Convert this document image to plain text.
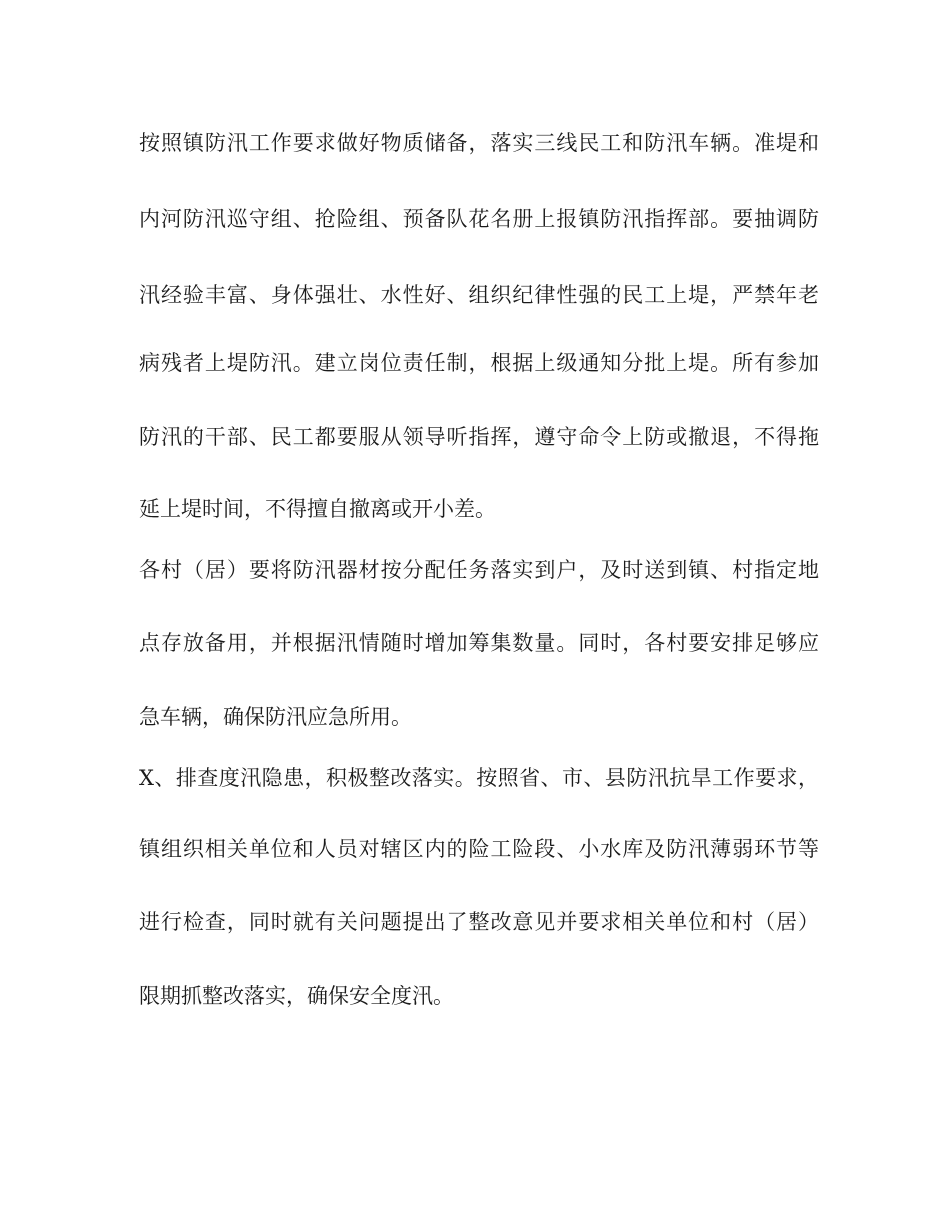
按照镇防汛工作要求做好物质储备，落实三线民工和防汛车辆。准堤和
内河防汛巡守组、抢险组、预备队花名册上报镇防汛指挥部。要抽调防
汛经验丰富、身体强壮、水性好、组织纪律性强的民工上堤，严禁年老
病残者上堤防汛。建立岗位责任制，根据上级通知分批上堤。所有参加
防汛的干部、民工都要服从领导听指挥，遵守命令上防或撤退，不得拖
延上堤时间，不得擅自撤离或开小差。
各村（居）要将防汛器材按分配任务落实到户，及时送到镇、村指定地
点存放备用，并根据汛情随时增加筹集数量。同时，各村要安排足够应
急车辆，确保防汛应急所用。
X、排查度汛隐患，积极整改落实。按照省、市、县防汛抗旱工作要求，
镇组织相关单位和人员对辖区内的险工险段、小水库及防汛薄弱环节等
进行检查，同时就有关问题提出了整改意见并要求相关单位和村（居）
限期抓整改落实，确保安全度汛。
